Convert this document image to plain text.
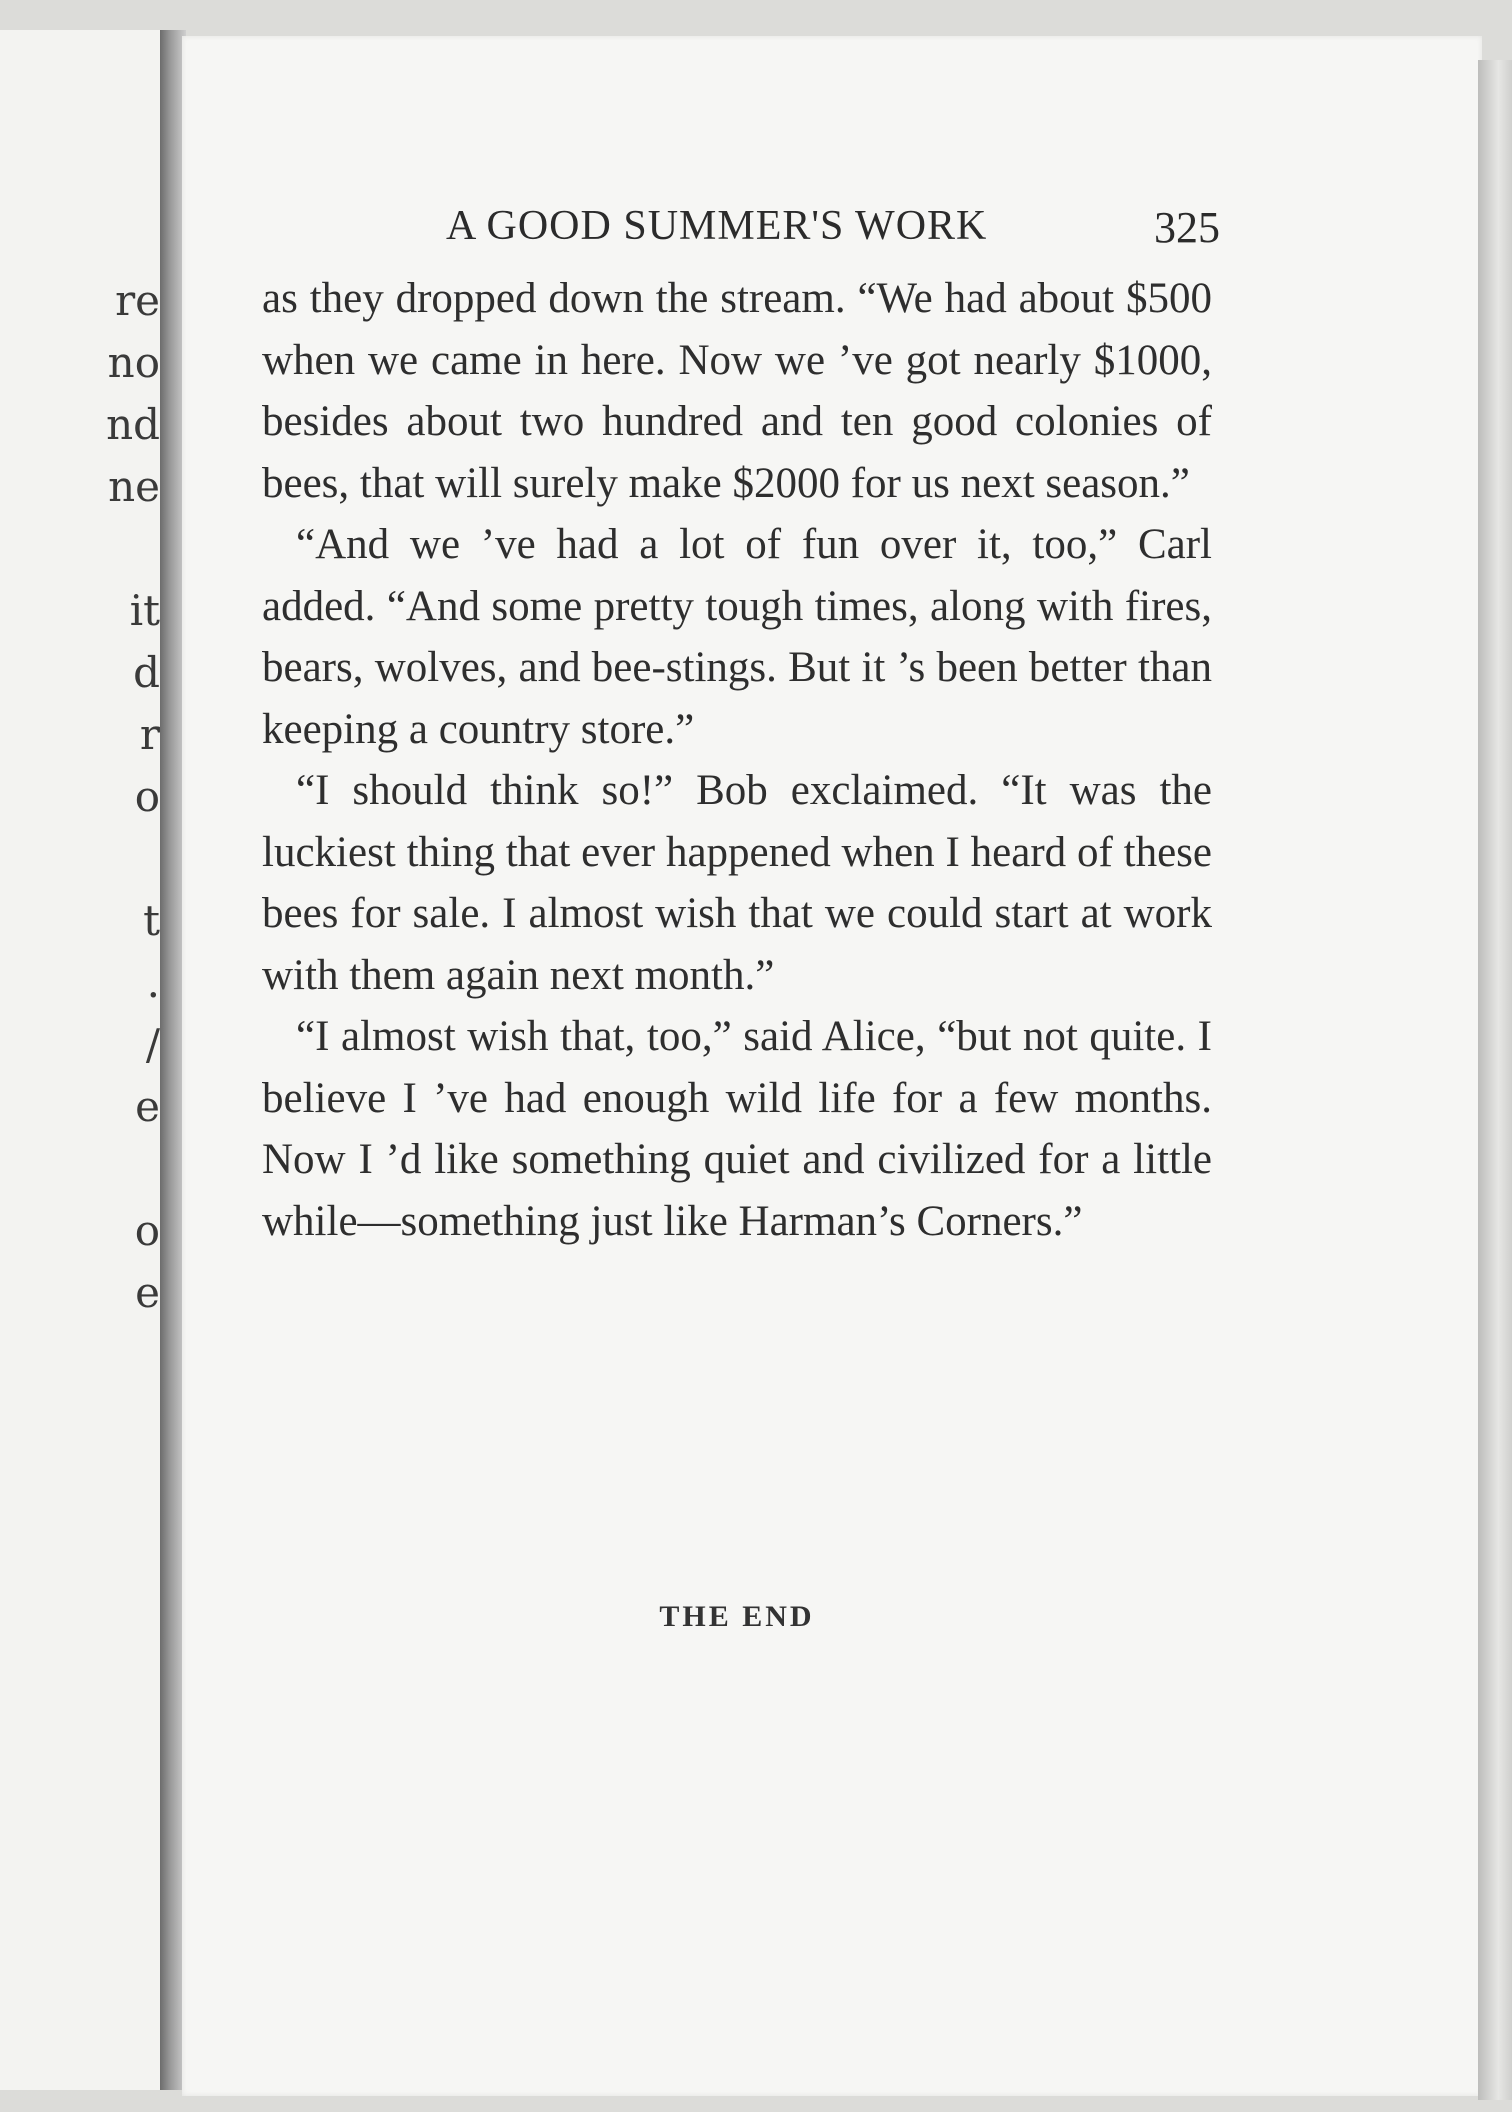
re
no
nd
ne
it
d
r
o
t
.
/
e
o
e
A GOOD SUMMER'S WORK	325

as they dropped down the stream. “We had about $500 when we came in here. Now we ’ve got nearly $1000, besides about two hundred and ten good colonies of bees, that will surely make $2000 for us next season.”

“And we ’ve had a lot of fun over it, too,” Carl added. “And some pretty tough times, along with fires, bears, wolves, and bee-stings. But it ’s been better than keeping a country store.”

“I should think so!” Bob exclaimed. “It was the luckiest thing that ever happened when I heard of these bees for sale. I almost wish that we could start at work with them again next month.”

“I almost wish that, too,” said Alice, “but not quite. I believe I ’ve had enough wild life for a few months. Now I ’d like something quiet and civilized for a little while—something just like Harman’s Corners.”

THE END
